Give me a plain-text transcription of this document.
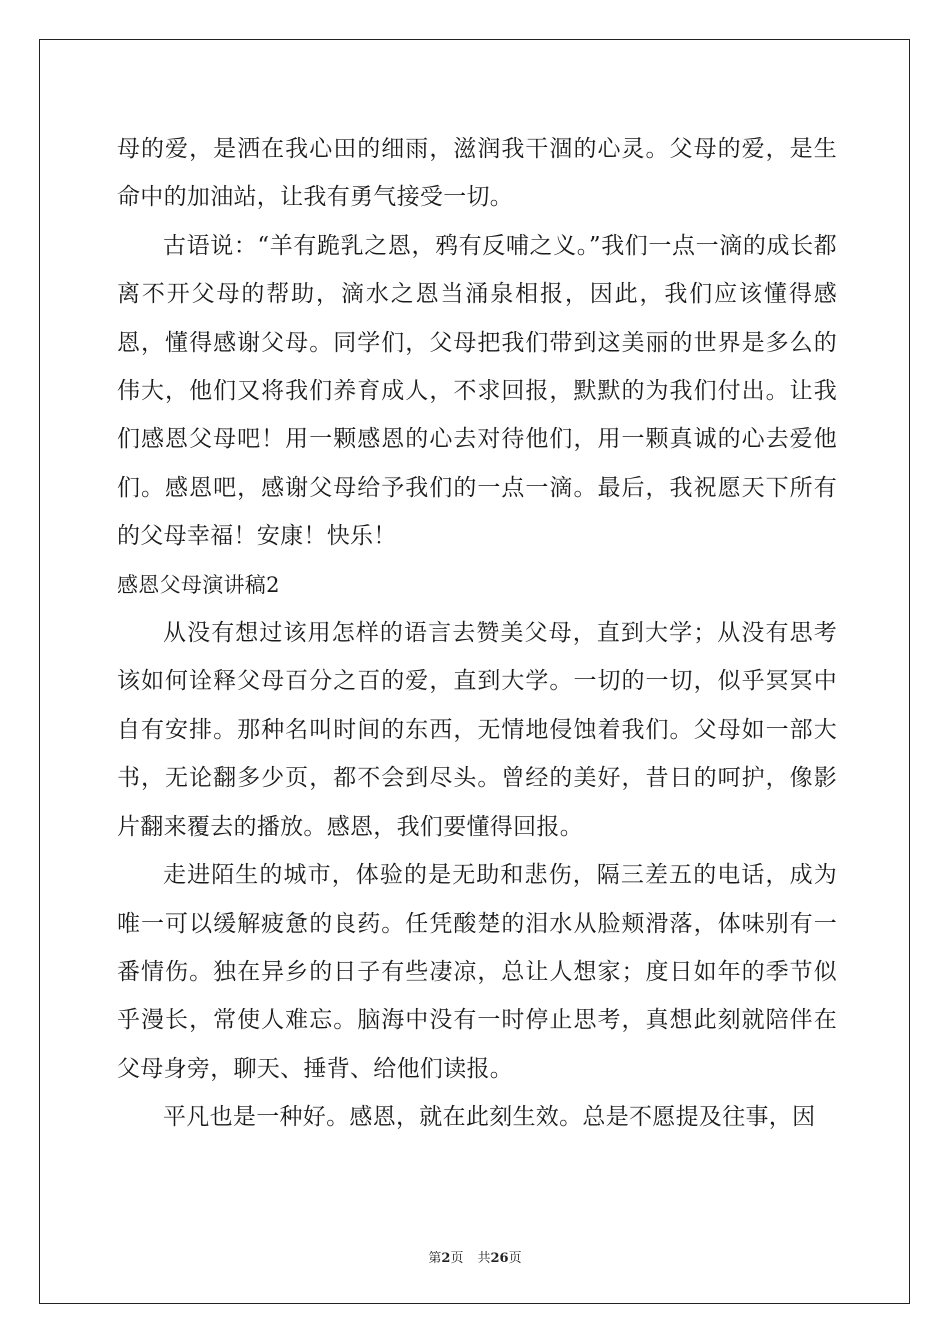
母的爱，是洒在我心田的细雨，滋润我干涸的心灵。父母的爱，是生命中的加油站，让我有勇气接受一切。

古语说：“羊有跪乳之恩，鸦有反哺之义。”我们一点一滴的成长都离不开父母的帮助，滴水之恩当涌泉相报，因此，我们应该懂得感恩，懂得感谢父母。同学们，父母把我们带到这美丽的世界是多么的伟大，他们又将我们养育成人，不求回报，默默的为我们付出。让我们感恩父母吧！用一颗感恩的心去对待他们，用一颗真诚的心去爱他们。感恩吧，感谢父母给予我们的一点一滴。最后，我祝愿天下所有的父母幸福！安康！快乐！

感恩父母演讲稿2

从没有想过该用怎样的语言去赞美父母，直到大学；从没有思考该如何诠释父母百分之百的爱，直到大学。一切的一切，似乎冥冥中自有安排。那种名叫时间的东西，无情地侵蚀着我们。父母如一部大书，无论翻多少页，都不会到尽头。曾经的美好，昔日的呵护，像影片翻来覆去的播放。感恩，我们要懂得回报。

走进陌生的城市，体验的是无助和悲伤，隔三差五的电话，成为唯一可以缓解疲惫的良药。任凭酸楚的泪水从脸颊滑落，体味别有一番情伤。独在异乡的日子有些凄凉，总让人想家；度日如年的季节似乎漫长，常使人难忘。脑海中没有一时停止思考，真想此刻就陪伴在父母身旁，聊天、捶背、给他们读报。

平凡也是一种好。感恩，就在此刻生效。总是不愿提及往事，因

第2页 共26页
